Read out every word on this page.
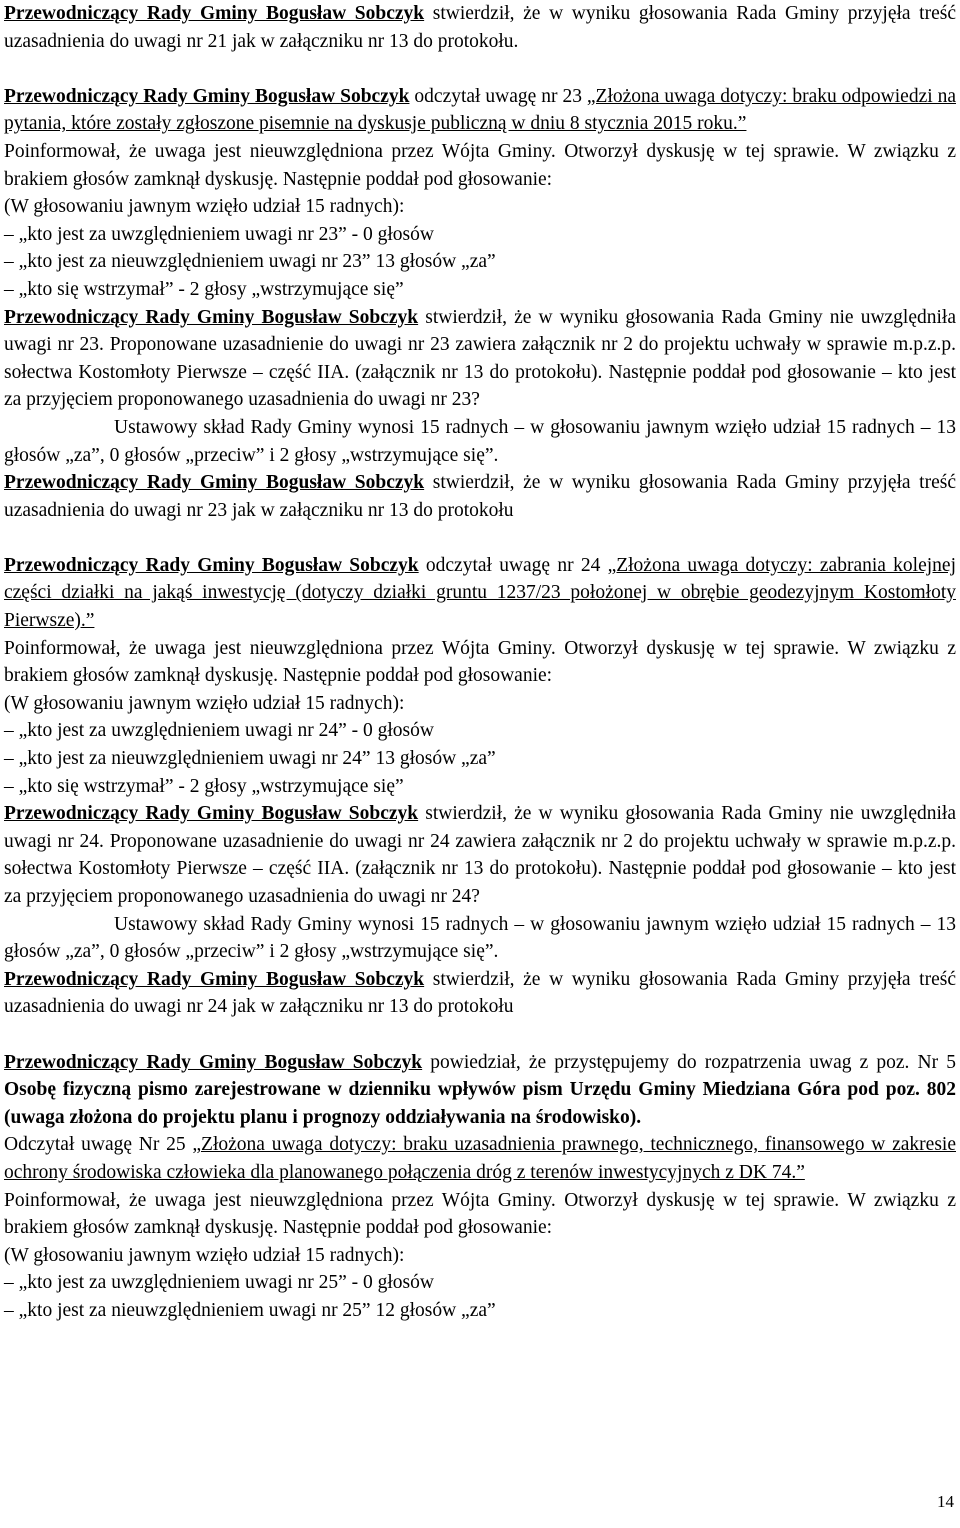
Przewodniczący Rady Gminy Bogusław Sobczyk stwierdził, że w wyniku głosowania Rada Gminy przyjęła treść uzasadnienia do uwagi nr 21 jak w załączniku nr 13 do protokołu.

Przewodniczący Rady Gminy Bogusław Sobczyk odczytał uwagę nr 23 „Złożona uwaga dotyczy: braku odpowiedzi na pytania, które zostały zgłoszone pisemnie na dyskusje publiczną w dniu 8 stycznia 2015 roku.”

Poinformował, że uwaga jest nieuwzględniona przez Wójta Gminy. Otworzył dyskusję w tej sprawie. W związku z brakiem głosów zamknął dyskusję. Następnie poddał pod głosowanie:

(W głosowaniu jawnym wzięło udział 15 radnych):

– „kto jest za uwzględnieniem uwagi nr 23” - 0 głosów

– „kto jest za nieuwzględnieniem uwagi nr 23” 13 głosów „za”

– „kto się wstrzymał” - 2 głosy „wstrzymujące się”

Przewodniczący Rady Gminy Bogusław Sobczyk stwierdził, że w wyniku głosowania Rada Gminy nie uwzględniła uwagi nr 23. Proponowane uzasadnienie do uwagi nr 23 zawiera załącznik nr 2 do projektu uchwały w sprawie m.p.z.p. sołectwa Kostomłoty Pierwsze – część IIA. (załącznik nr 13 do protokołu). Następnie poddał pod głosowanie – kto jest za przyjęciem proponowanego uzasadnienia do uwagi nr 23?

Ustawowy skład Rady Gminy wynosi 15 radnych – w głosowaniu jawnym wzięło udział 15 radnych – 13 głosów „za”, 0 głosów „przeciw” i 2 głosy „wstrzymujące się”.

Przewodniczący Rady Gminy Bogusław Sobczyk stwierdził, że w wyniku głosowania Rada Gminy przyjęła treść uzasadnienia do uwagi nr 23 jak w załączniku nr 13 do protokołu

Przewodniczący Rady Gminy Bogusław Sobczyk odczytał uwagę nr 24 „Złożona uwaga dotyczy: zabrania kolejnej części działki na jakąś inwestycję (dotyczy działki gruntu 1237/23 położonej w obrębie geodezyjnym Kostomłoty Pierwsze).”

Poinformował, że uwaga jest nieuwzględniona przez Wójta Gminy. Otworzył dyskusję w tej sprawie. W związku z brakiem głosów zamknął dyskusję. Następnie poddał pod głosowanie:

(W głosowaniu jawnym wzięło udział 15 radnych):

– „kto jest za uwzględnieniem uwagi nr 24” - 0 głosów

– „kto jest za nieuwzględnieniem uwagi nr 24” 13 głosów „za”

– „kto się wstrzymał” - 2 głosy „wstrzymujące się”

Przewodniczący Rady Gminy Bogusław Sobczyk stwierdził, że w wyniku głosowania Rada Gminy nie uwzględniła uwagi nr 24. Proponowane uzasadnienie do uwagi nr 24 zawiera załącznik nr 2 do projektu uchwały w sprawie m.p.z.p. sołectwa Kostomłoty Pierwsze – część IIA. (załącznik nr 13 do protokołu). Następnie poddał pod głosowanie – kto jest za przyjęciem proponowanego uzasadnienia do uwagi nr 24?

Ustawowy skład Rady Gminy wynosi 15 radnych – w głosowaniu jawnym wzięło udział 15 radnych – 13 głosów „za”, 0 głosów „przeciw” i 2 głosy „wstrzymujące się”.

Przewodniczący Rady Gminy Bogusław Sobczyk stwierdził, że w wyniku głosowania Rada Gminy przyjęła treść uzasadnienia do uwagi nr 24 jak w załączniku nr 13 do protokołu

Przewodniczący Rady Gminy Bogusław Sobczyk powiedział, że przystępujemy do rozpatrzenia uwag z poz. Nr 5 Osobę fizyczną pismo zarejestrowane w dzienniku wpływów pism Urzędu Gminy Miedziana Góra pod poz. 802 (uwaga złożona do projektu planu i prognozy oddziaływania na środowisko).

Odczytał uwagę Nr 25 „Złożona uwaga dotyczy: braku uzasadnienia prawnego, technicznego, finansowego w zakresie ochrony środowiska człowieka dla planowanego połączenia dróg z terenów inwestycyjnych z DK 74.”

Poinformował, że uwaga jest nieuwzględniona przez Wójta Gminy. Otworzył dyskusję w tej sprawie. W związku z brakiem głosów zamknął dyskusję. Następnie poddał pod głosowanie:

(W głosowaniu jawnym wzięło udział 15 radnych):

– „kto jest za uwzględnieniem uwagi nr 25” - 0 głosów

– „kto jest za nieuwzględnieniem uwagi nr 25” 12 głosów „za”

14
